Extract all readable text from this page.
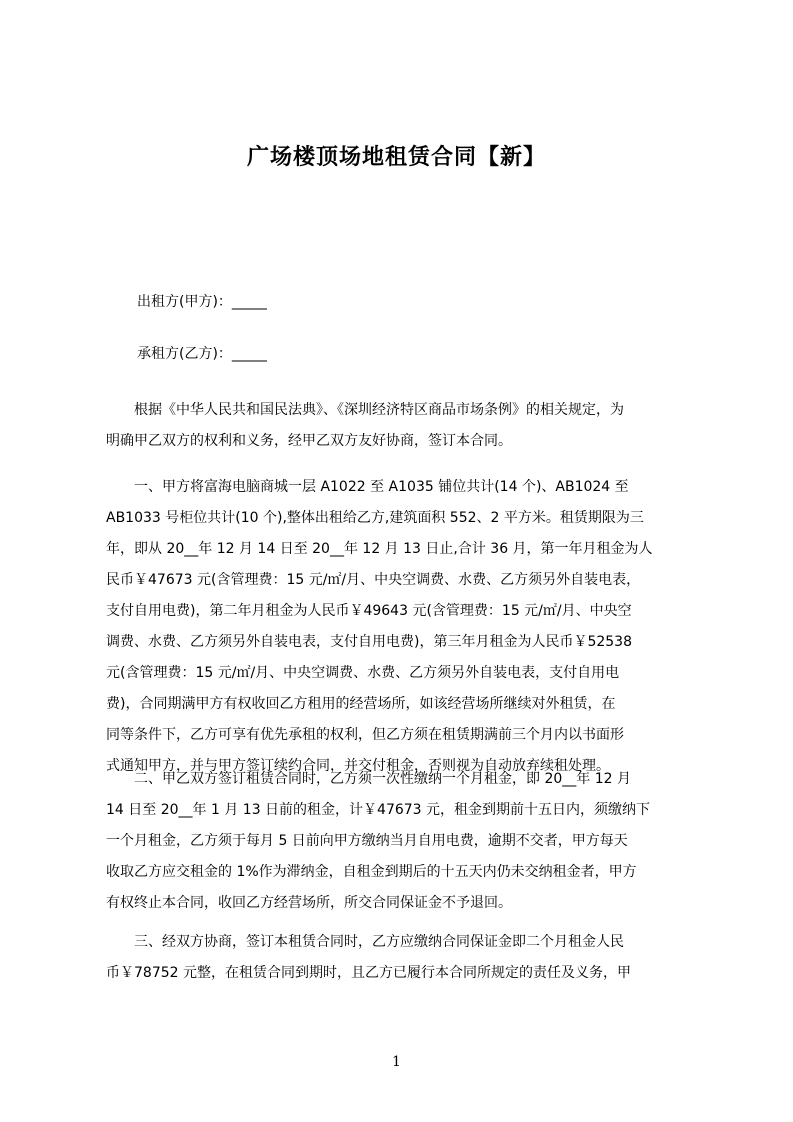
广场楼顶场地租赁合同【新】

出租方(甲方)：_____

承租方(乙方)：_____

　　根据《中华人民共和国民法典》、《深圳经济特区商品市场条例》的相关规定，为
明确甲乙双方的权利和义务，经甲乙双方友好协商，签订本合同。
　　一、甲方将富海电脑商城一层 A1022 至 A1035 铺位共计(14 个)、AB1024 至
AB1033 号柜位共计(10 个),整体出租给乙方,建筑面积 552、2 平方米。租赁期限为三
年，即从 20__年 12 月 14 日至 20__年 12 月 13 日止,合计 36 月，第一年月租金为人
民币￥47673 元(含管理费：15 元/㎡/月、中央空调费、水费、乙方须另外自装电表，
支付自用电费)，第二年月租金为人民币￥49643 元(含管理费：15 元/㎡/月、中央空
调费、水费、乙方须另外自装电表，支付自用电费)，第三年月租金为人民币￥52538
元(含管理费：15 元/㎡/月、中央空调费、水费、乙方须另外自装电表，支付自用电
费)，合同期满甲方有权收回乙方租用的经营场所，如该经营场所继续对外租赁，在
同等条件下，乙方可享有优先承租的权利，但乙方须在租赁期满前三个月内以书面形
式通知甲方，并与甲方签订续约合同，并交付租金，否则视为自动放弃续租处理。
　　二、甲乙双方签订租赁合同时，乙方须一次性缴纳一个月租金，即 20__年 12 月
14 日至 20__年 1 月 13 日前的租金，计￥47673 元，租金到期前十五日内，须缴纳下
一个月租金，乙方须于每月 5 日前向甲方缴纳当月自用电费，逾期不交者，甲方每天
收取乙方应交租金的 1%作为滞纳金，自租金到期后的十五天内仍未交纳租金者，甲方
有权终止本合同，收回乙方经营场所，所交合同保证金不予退回。
　　三、经双方协商，签订本租赁合同时，乙方应缴纳合同保证金即二个月租金人民
币￥78752 元整，在租赁合同到期时，且乙方已履行本合同所规定的责任及义务，甲

1
